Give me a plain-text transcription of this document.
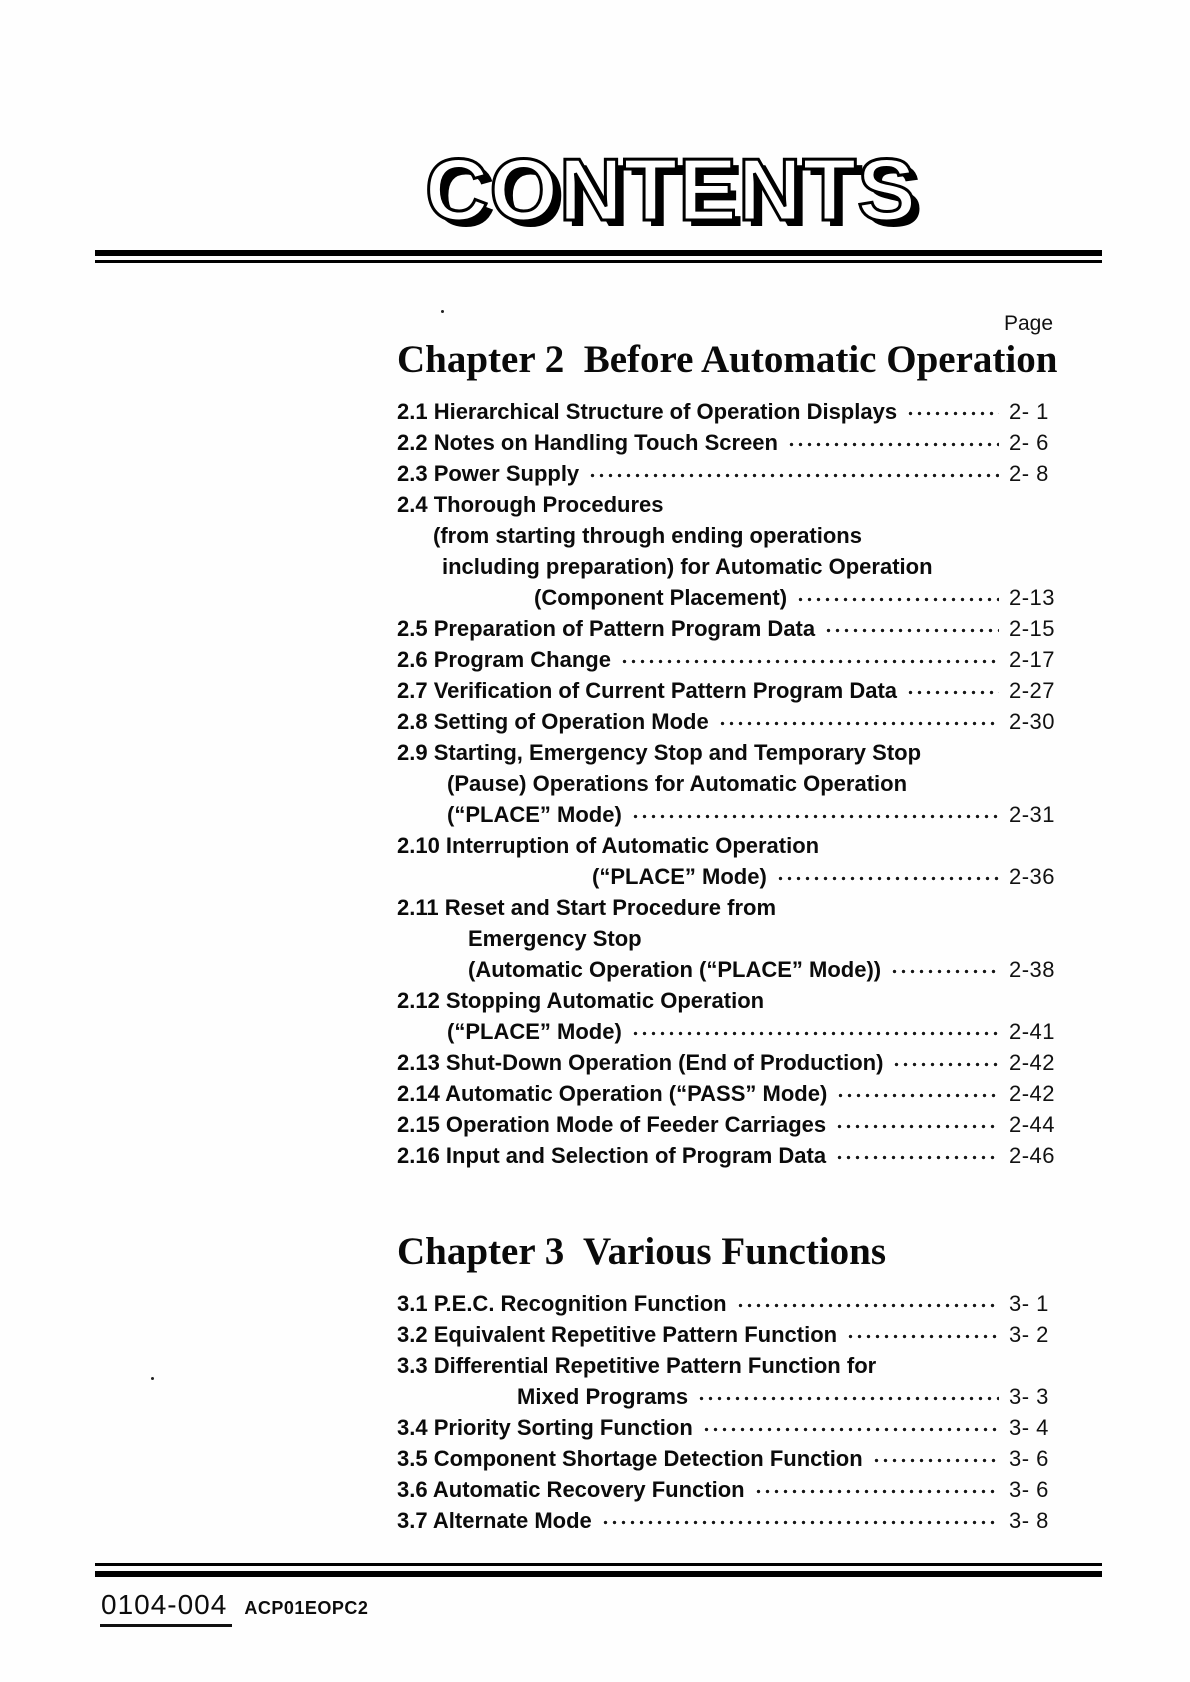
CONTENTS
Page
Chapter 2  Before Automatic Operation
2.1 Hierarchical Structure of Operation Displays	2- 1
2.2 Notes on Handling Touch Screen	2- 6
2.3 Power Supply	2- 8
2.4 Thorough Procedures
(from starting through ending operations
including preparation) for Automatic Operation
(Component Placement)	2-13
2.5 Preparation of Pattern Program Data	2-15
2.6 Program Change	2-17
2.7 Verification of Current Pattern Program Data	2-27
2.8 Setting of Operation Mode	2-30
2.9 Starting, Emergency Stop and Temporary Stop
(Pause) Operations for Automatic Operation
(“PLACE” Mode)	2-31
2.10 Interruption of Automatic Operation
(“PLACE” Mode)	2-36
2.11 Reset and Start Procedure from
Emergency Stop
(Automatic Operation (“PLACE” Mode))	2-38
2.12 Stopping Automatic Operation
(“PLACE” Mode)	2-41
2.13 Shut-Down Operation (End of Production)	2-42
2.14 Automatic Operation (“PASS” Mode)	2-42
2.15 Operation Mode of Feeder Carriages	2-44
2.16 Input and Selection of Program Data	2-46
Chapter 3  Various Functions
3.1 P.E.C. Recognition Function	3- 1
3.2 Equivalent Repetitive Pattern Function	3- 2
3.3 Differential Repetitive Pattern Function for
Mixed Programs	3- 3
3.4 Priority Sorting Function	3- 4
3.5 Component Shortage Detection Function	3- 6
3.6 Automatic Recovery Function	3- 6
3.7 Alternate Mode	3- 8
0104-004 ACP01EOPC2
